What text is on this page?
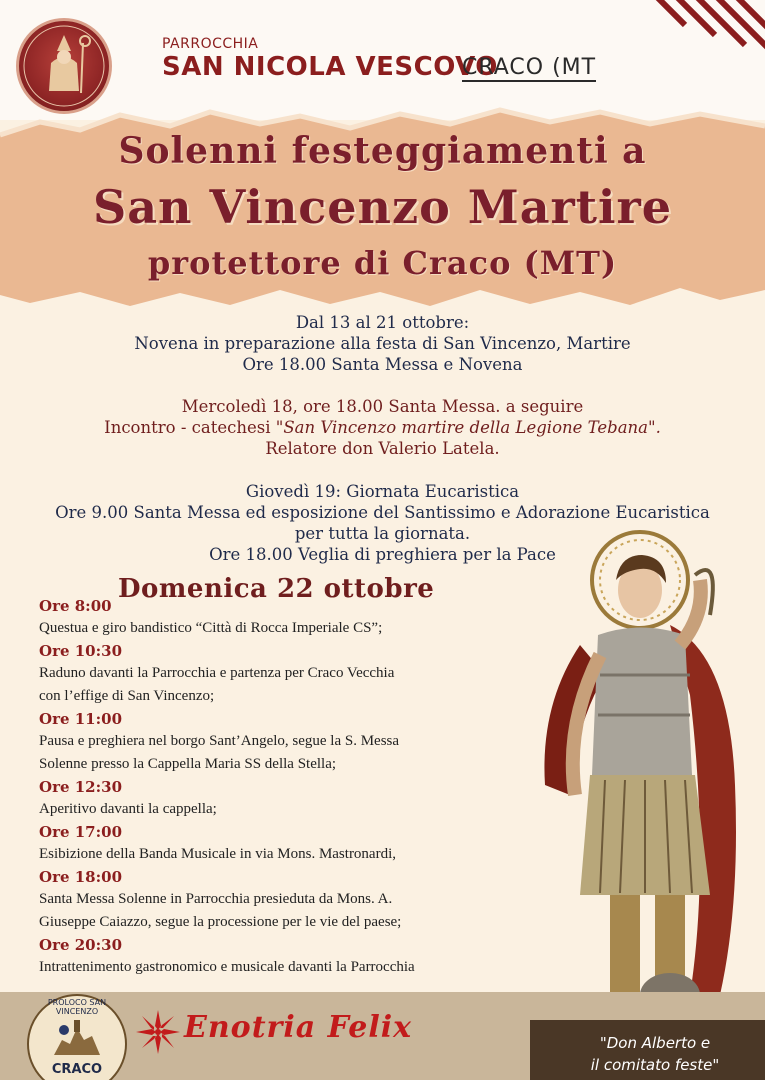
PARROCCHIA
SAN NICOLA VESCOVO
CRACO (MT
Solenni festeggiamenti a
San Vincenzo Martire
protettore di Craco (MT)
Dal 13 al 21 ottobre:
Novena in preparazione alla festa di San Vincenzo, Martire
Ore 18.00 Santa Messa e Novena
Mercoledì 18, ore 18.00 Santa Messa. a seguire
Incontro - catechesi "San Vincenzo martire della Legione Tebana".
Relatore don Valerio Latela.
Giovedì 19: Giornata Eucaristica
Ore 9.00 Santa Messa ed esposizione del Santissimo e Adorazione Eucaristica
per tutta la giornata.
Ore 18.00 Veglia di preghiera per la Pace
Domenica 22 ottobre
Ore 8:00
Questua e giro bandistico “Città di Rocca Imperiale CS”;
Ore 10:30
Raduno davanti la Parrocchia e partenza per Craco Vecchia
con l’effige di San Vincenzo;
Ore 11:00
Pausa e preghiera nel borgo Sant’Angelo, segue la S. Messa
Solenne presso la Cappella Maria SS della Stella;
Ore 12:30
Aperitivo davanti la cappella;
Ore 17:00
Esibizione della Banda Musicale in via Mons. Mastronardi,
Ore 18:00
Santa Messa Solenne in Parrocchia presieduta da Mons. A.
Giuseppe Caiazzo, segue la processione per le vie del paese;
Ore 20:30
Intrattenimento gastronomico e musicale davanti la Parrocchia
PROLOCO SAN VINCENZO
CRACO
Enotria Felix	"Don Alberto e
il comitato feste"
